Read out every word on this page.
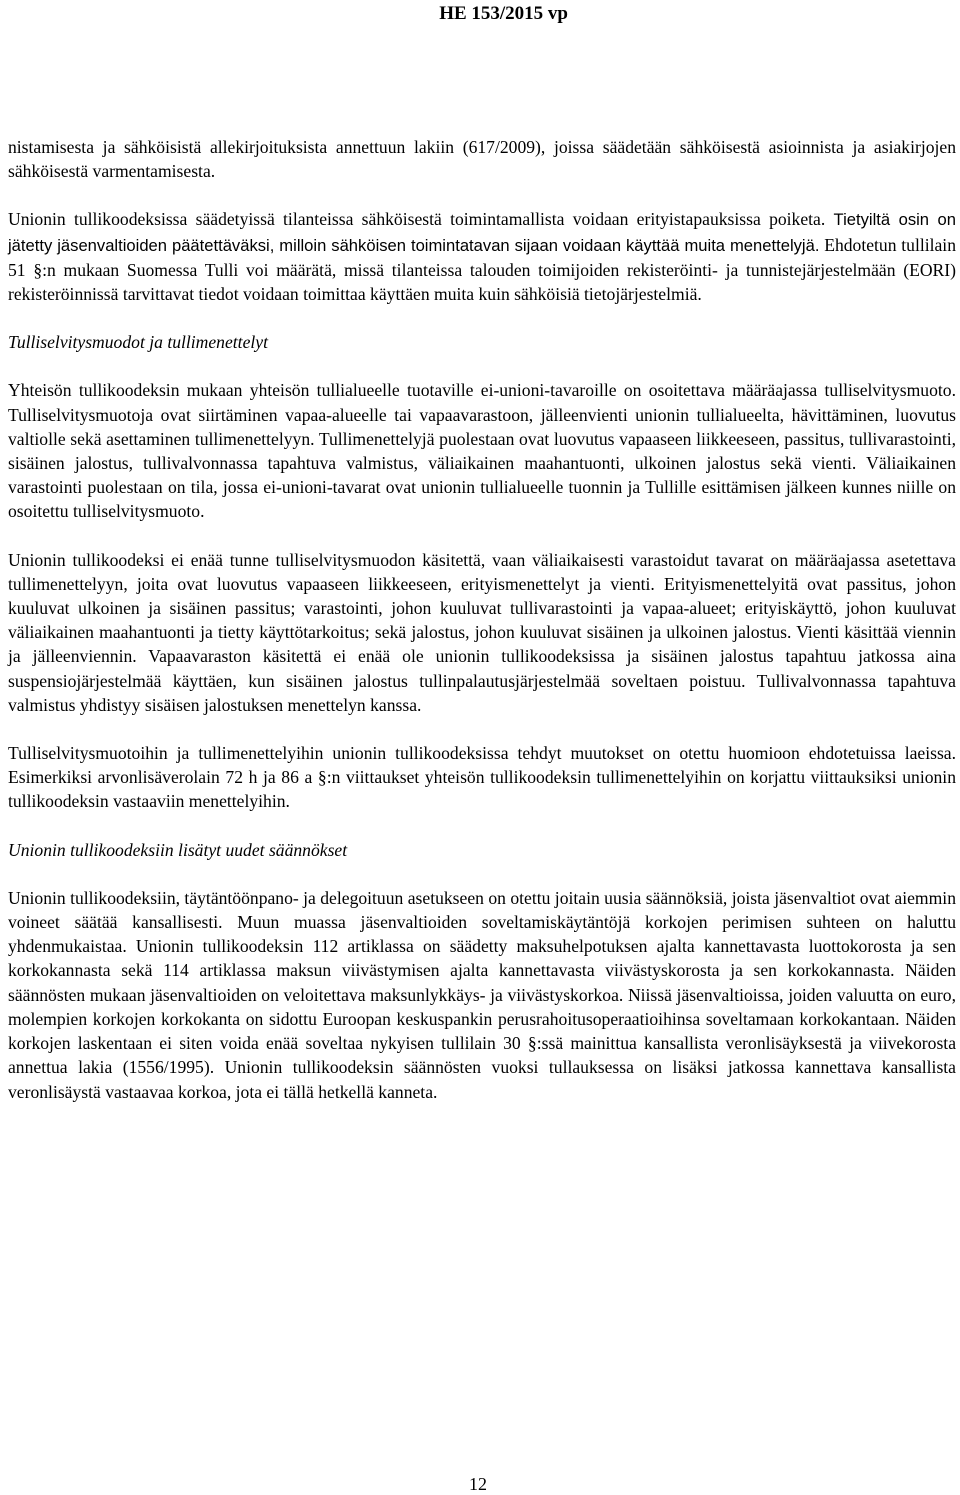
HE 153/2015 vp

nistamisesta ja sähköisistä allekirjoituksista annettuun lakiin (617/2009), joissa säädetään sähköisestä asioinnista ja asiakirjojen sähköisestä varmentamisesta.

Unionin tullikoodeksissa säädetyissä tilanteissa sähköisestä toimintamallista voidaan erityistapauksissa poiketa. Tietyiltä osin on jätetty jäsenvaltioiden päätettäväksi, milloin sähköisen toimintatavan sijaan voidaan käyttää muita menettelyjä. Ehdotetun tullilain 51 §:n mukaan Suomessa Tulli voi määrätä, missä tilanteissa talouden toimijoiden rekisteröinti- ja tunnistejärjestelmään (EORI) rekisteröinnissä tarvittavat tiedot voidaan toimittaa käyttäen muita kuin sähköisiä tietojärjestelmiä.

Tulliselvitysmuodot ja tullimenettelyt

Yhteisön tullikoodeksin mukaan yhteisön tullialueelle tuotaville ei-unioni-tavaroille on osoitettava määräajassa tulliselvitysmuoto. Tulliselvitysmuotoja ovat siirtäminen vapaa-alueelle tai vapaavarastoon, jälleenvienti unionin tullialueelta, hävittäminen, luovutus valtiolle sekä asettaminen tullimenettelyyn. Tullimenettelyjä puolestaan ovat luovutus vapaaseen liikkeeseen, passitus, tullivarastointi, sisäinen jalostus, tullivalvonnassa tapahtuva valmistus, väliaikainen maahantuonti, ulkoinen jalostus sekä vienti. Väliaikainen varastointi puolestaan on tila, jossa ei-unioni-tavarat ovat unionin tullialueelle tuonnin ja Tullille esittämisen jälkeen kunnes niille on osoitettu tulliselvitysmuoto.

Unionin tullikoodeksi ei enää tunne tulliselvitysmuodon käsitettä, vaan väliaikaisesti varastoidut tavarat on määräajassa asetettava tullimenettelyyn, joita ovat luovutus vapaaseen liikkeeseen, erityismenettelyt ja vienti. Erityismenettelyitä ovat passitus, johon kuuluvat ulkoinen ja sisäinen passitus; varastointi, johon kuuluvat tullivarastointi ja vapaa-alueet; erityiskäyttö, johon kuuluvat väliaikainen maahantuonti ja tietty käyttötarkoitus; sekä jalostus, johon kuuluvat sisäinen ja ulkoinen jalostus. Vienti käsittää viennin ja jälleenviennin. Vapaavaraston käsitettä ei enää ole unionin tullikoodeksissa ja sisäinen jalostus tapahtuu jatkossa aina suspensiojärjestelmää käyttäen, kun sisäinen jalostus tullinpalautusjärjestelmää soveltaen poistuu. Tullivalvonnassa tapahtuva valmistus yhdistyy sisäisen jalostuksen menettelyn kanssa.

Tulliselvitysmuotoihin ja tullimenettelyihin unionin tullikoodeksissa tehdyt muutokset on otettu huomioon ehdotetuissa laeissa. Esimerkiksi arvonlisäverolain 72 h ja 86 a §:n viittaukset yhteisön tullikoodeksin tullimenettelyihin on korjattu viittauksiksi unionin tullikoodeksin vastaaviin menettelyihin.

Unionin tullikoodeksiin lisätyt uudet säännökset

Unionin tullikoodeksiin, täytäntöönpano- ja delegoituun asetukseen on otettu joitain uusia säännöksiä, joista jäsenvaltiot ovat aiemmin voineet säätää kansallisesti. Muun muassa jäsenvaltioiden soveltamiskäytäntöjä korkojen perimisen suhteen on haluttu yhdenmukaistaa. Unionin tullikoodeksin 112 artiklassa on säädetty maksuhelpotuksen ajalta kannettavasta luottokorosta ja sen korkokannasta sekä 114 artiklassa maksun viivästymisen ajalta kannettavasta viivästyskorosta ja sen korkokannasta. Näiden säännösten mukaan jäsenvaltioiden on veloitettava maksunlykkäys- ja viivästyskorkoa. Niissä jäsenvaltioissa, joiden valuutta on euro, molempien korkojen korkokanta on sidottu Euroopan keskuspankin perusrahoitusoperaatioihinsa soveltamaan korkokantaan. Näiden korkojen laskentaan ei siten voida enää soveltaa nykyisen tullilain 30 §:ssä mainittua kansallista veronlisäyksestä ja viivekorosta annettua lakia (1556/1995). Unionin tullikoodeksin säännösten vuoksi tullauksessa on lisäksi jatkossa kannettava kansallista veronlisäystä vastaavaa korkoa, jota ei tällä hetkellä kanneta.

12
